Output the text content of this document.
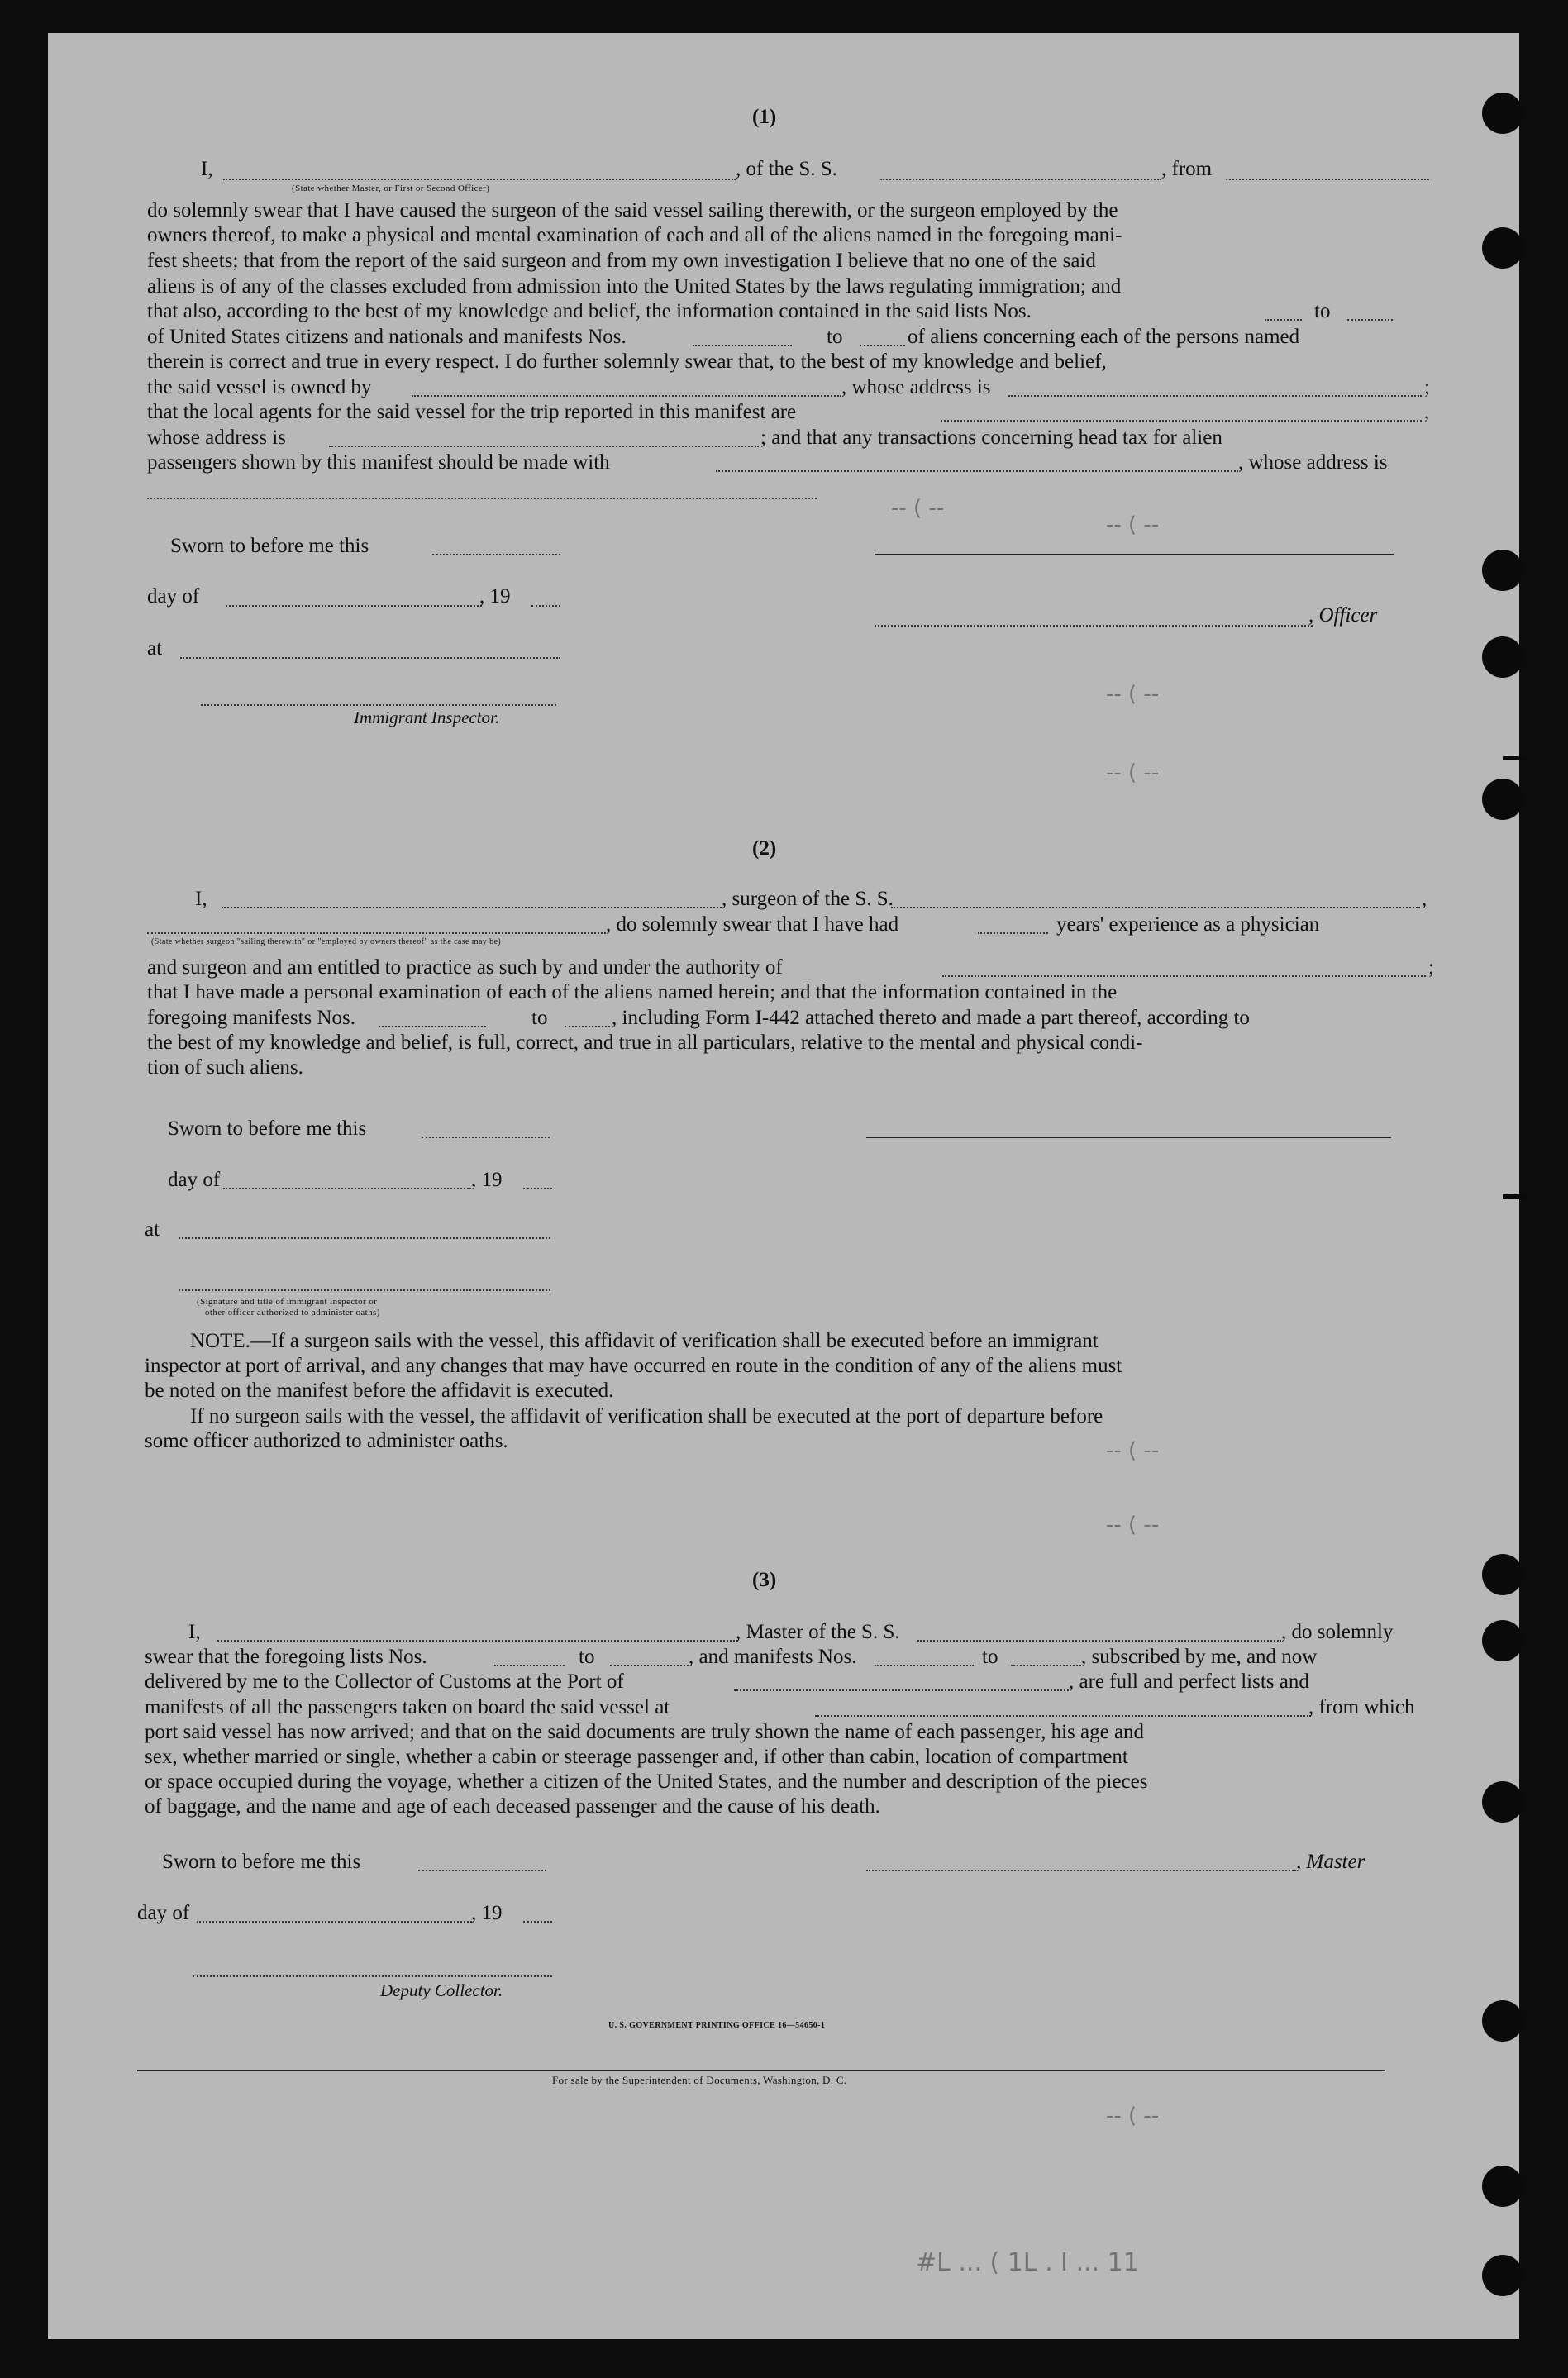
(1)
I,	, of the S. S.	, from
(State whether Master, or First or Second Officer)
do solemnly swear that I have caused the surgeon of the said vessel sailing therewith, or the surgeon employed by the
owners thereof, to make a physical and mental examination of each and all of the aliens named in the foregoing mani-
fest sheets; that from the report of the said surgeon and from my own investigation I believe that no one of the said
aliens is of any of the classes excluded from admission into the United States by the laws regulating immigration; and
that also, according to the best of my knowledge and belief, the information contained in the said lists Nos.	to
of United States citizens and nationals and manifests Nos.	to	of aliens concerning each of the persons named
therein is correct and true in every respect. I do further solemnly swear that, to the best of my knowledge and belief,
the said vessel is owned by	, whose address is	;
that the local agents for the said vessel for the trip reported in this manifest are	,
whose address is	; and that any transactions concerning head tax for alien
passengers shown by this manifest should be made with	, whose address is
Sworn to before me this
day of	, 19
, Officer
at
Immigrant Inspector.
(2)
I,	, surgeon of the S. S.	,
, do solemnly swear that I have had	years' experience as a physician
(State whether surgeon "sailing therewith" or "employed by owners thereof" as the case may be)
and surgeon and am entitled to practice as such by and under the authority of	;
that I have made a personal examination of each of the aliens named herein; and that the information contained in the
foregoing manifests Nos.	to	, including Form I-442 attached thereto and made a part thereof, according to
the best of my knowledge and belief, is full, correct, and true in all particulars, relative to the mental and physical condi-
tion of such aliens.
Sworn to before me this
day of	, 19
at
(Signature and title of immigrant inspector or
other officer authorized to administer oaths)
NOTE.—If a surgeon sails with the vessel, this affidavit of verification shall be executed before an immigrant
inspector at port of arrival, and any changes that may have occurred en route in the condition of any of the aliens must
be noted on the manifest before the affidavit is executed.
If no surgeon sails with the vessel, the affidavit of verification shall be executed at the port of departure before
some officer authorized to administer oaths.
(3)
I,	, Master of the S. S.	, do solemnly
swear that the foregoing lists Nos.	to	, and manifests Nos.	to	, subscribed by me, and now
delivered by me to the Collector of Customs at the Port of	, are full and perfect lists and
manifests of all the passengers taken on board the said vessel at	, from which
port said vessel has now arrived; and that on the said documents are truly shown the name of each passenger, his age and
sex, whether married or single, whether a cabin or steerage passenger and, if other than cabin, location of compartment
or space occupied during the voyage, whether a citizen of the United States, and the number and description of the pieces
of baggage, and the name and age of each deceased passenger and the cause of his death.
Sworn to before me this	, Master
day of	, 19
Deputy Collector.
U. S. GOVERNMENT PRINTING OFFICE 16—54650-1
For sale by the Superintendent of Documents, Washington, D. C.
-- ( --
-- ( --
-- ( --
-- ( --
-- ( --
-- ( --
-- ( --
#L ... ( 1L . I ... 11
